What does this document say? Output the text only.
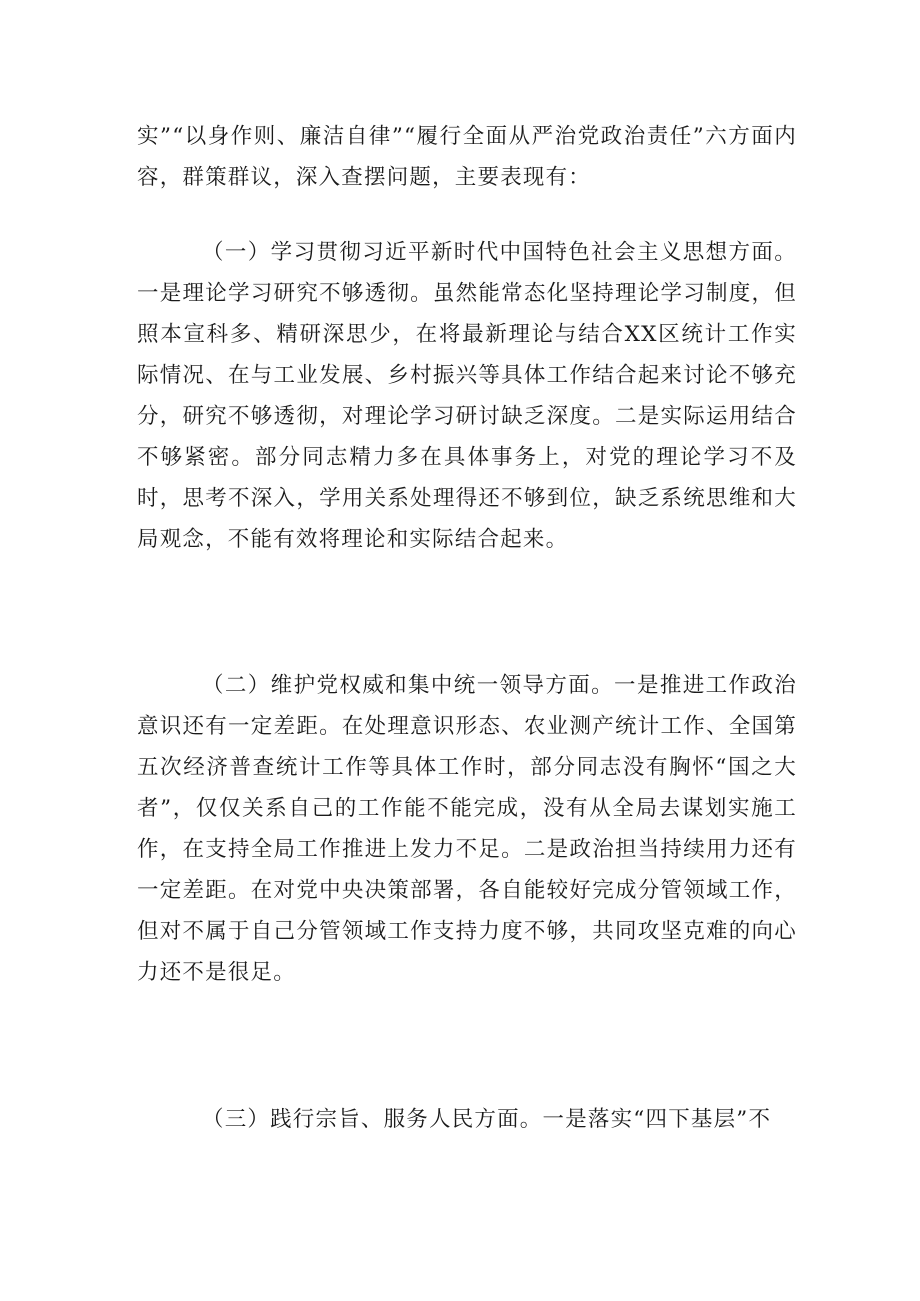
实”“以身作则、廉洁自律”“履行全面从严治党政治责任”六方面内容，群策群议，深入查摆问题，主要表现有：

（一）学习贯彻习近平新时代中国特色社会主义思想方面。一是理论学习研究不够透彻。虽然能常态化坚持理论学习制度，但照本宣科多、精研深思少，在将最新理论与结合XX区统计工作实际情况、在与工业发展、乡村振兴等具体工作结合起来讨论不够充分，研究不够透彻，对理论学习研讨缺乏深度。二是实际运用结合不够紧密。部分同志精力多在具体事务上，对党的理论学习不及时，思考不深入，学用关系处理得还不够到位，缺乏系统思维和大局观念，不能有效将理论和实际结合起来。

（二）维护党权威和集中统一领导方面。一是推进工作政治意识还有一定差距。在处理意识形态、农业测产统计工作、全国第五次经济普查统计工作等具体工作时，部分同志没有胸怀“国之大者”，仅仅关系自己的工作能不能完成，没有从全局去谋划实施工作，在支持全局工作推进上发力不足。二是政治担当持续用力还有一定差距。在对党中央决策部署，各自能较好完成分管领域工作，但对不属于自己分管领域工作支持力度不够，共同攻坚克难的向心力还不是很足。

（三）践行宗旨、服务人民方面。一是落实“四下基层”不
